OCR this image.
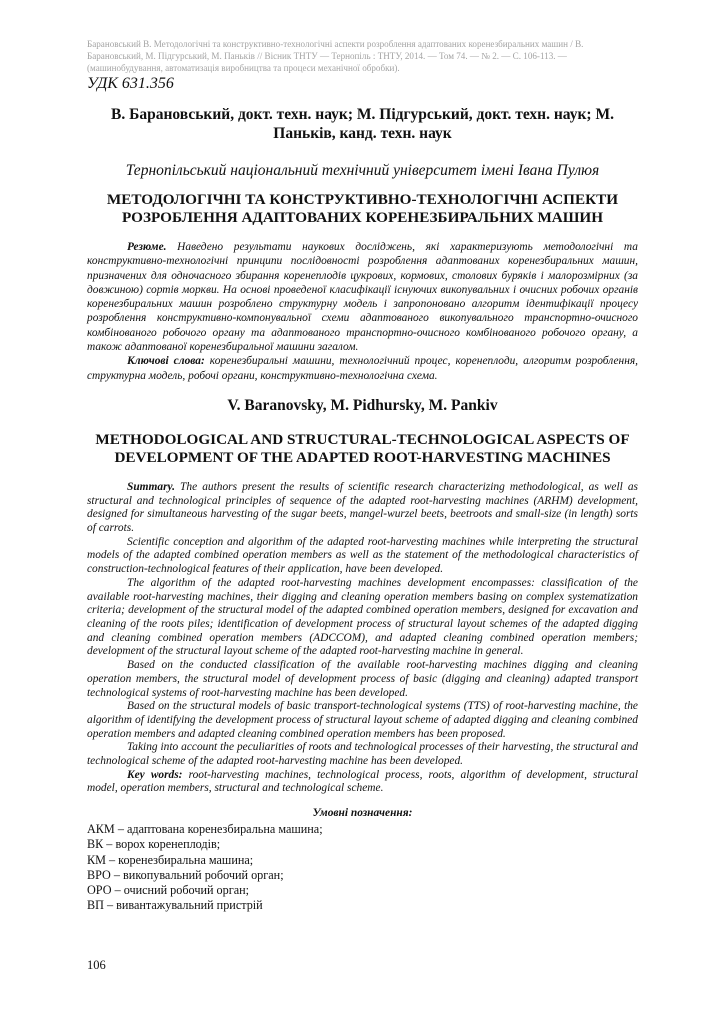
Барановський В. Методологічні та конструктивно-технологічні аспекти розроблення адаптованих коренезбиральних машин / В. Барановський, М. Підгурський, М. Паньків // Вісник ТНТУ — Тернопіль : ТНТУ, 2014. — Том 74. — № 2. — С. 106-113. — (машинобудування, автоматизація виробництва та процеси механічної обробки).

УДК 631.356

В. Барановський, докт. техн. наук; М. Підгурський, докт. техн. наук; М. Паньків, канд. техн. наук

Тернопільський національний технічний університет імені Івана Пулюя

МЕТОДОЛОГІЧНІ ТА КОНСТРУКТИВНО-ТЕХНОЛОГІЧНІ АСПЕКТИ РОЗРОБЛЕННЯ АДАПТОВАНИХ КОРЕНЕЗБИРАЛЬНИХ МАШИН

Резюме. Наведено результати наукових досліджень, які характеризують методологічні та конструктивно-технологічні принципи послідовності розроблення адаптованих коренезбиральних машин, призначених для одночасного збирання коренеплодів цукрових, кормових, столових буряків і малорозмірних (за довжиною) сортів моркви. На основі проведеної класифікації існуючих викопувальних і очисних робочих органів коренезбиральних машин розроблено структурну модель і запропоновано алгоритм ідентифікації процесу розроблення конструктивно-компонувальної схеми адаптованого викопувального транспортно-очисного комбінованого робочого органу та адаптованого транспортно-очисного комбінованого робочого органу, а також адаптованої коренезбиральної машини загалом.

Ключові слова: коренезбиральні машини, технологічний процес, коренеплоди, алгоритм розроблення, структурна модель, робочі органи, конструктивно-технологічна схема.

V. Baranovsky, M. Pidhursky, M. Pankiv

METHODOLOGICAL AND STRUCTURAL-TECHNOLOGICAL ASPECTS OF DEVELOPMENT OF THE ADAPTED ROOT-HARVESTING MACHINES

Summary. The authors present the results of scientific research characterizing methodological, as well as structural and technological principles of sequence of the adapted root-harvesting machines (ARHM) development, designed for simultaneous harvesting of the sugar beets, mangel-wurzel beets, beetroots and small-size (in length) sorts of carrots.

Scientific conception and algorithm of the adapted root-harvesting machines while interpreting the structural models of the adapted combined operation members as well as the statement of the methodological characteristics of construction-technological features of their application, have been developed.

The algorithm of the adapted root-harvesting machines development encompasses: classification of the available root-harvesting machines, their digging and cleaning operation members basing on complex systematization criteria; development of the structural model of the adapted combined operation members, designed for excavation and cleaning of the roots piles; identification of development process of structural layout schemes of the adapted digging and cleaning combined operation members (ADCCOM), and adapted cleaning combined operation members; development of the structural layout scheme of the adapted root-harvesting machine in general.

Based on the conducted classification of the available root-harvesting machines digging and cleaning operation members, the structural model of development process of basic (digging and cleaning) adapted transport technological systems of root-harvesting machine has been developed.

Based on the structural models of basic transport-technological systems (TTS) of root-harvesting machine, the algorithm of identifying the development process of structural layout scheme of adapted digging and cleaning combined operation members and adapted cleaning combined operation members has been proposed.

Taking into account the peculiarities of roots and technological processes of their harvesting, the structural and technological scheme of the adapted root-harvesting machine has been developed.

Key words: root-harvesting machines, technological process, roots, algorithm of development, structural model, operation members, structural and technological scheme.

Умовні позначення:

АКМ – адаптована коренезбиральна машина;
ВК – ворох коренеплодів;
КМ – коренезбиральна машина;
ВРО – викопувальний робочий орган;
ОРО – очисний робочий орган;
ВП – вивантажувальний пристрій
106
